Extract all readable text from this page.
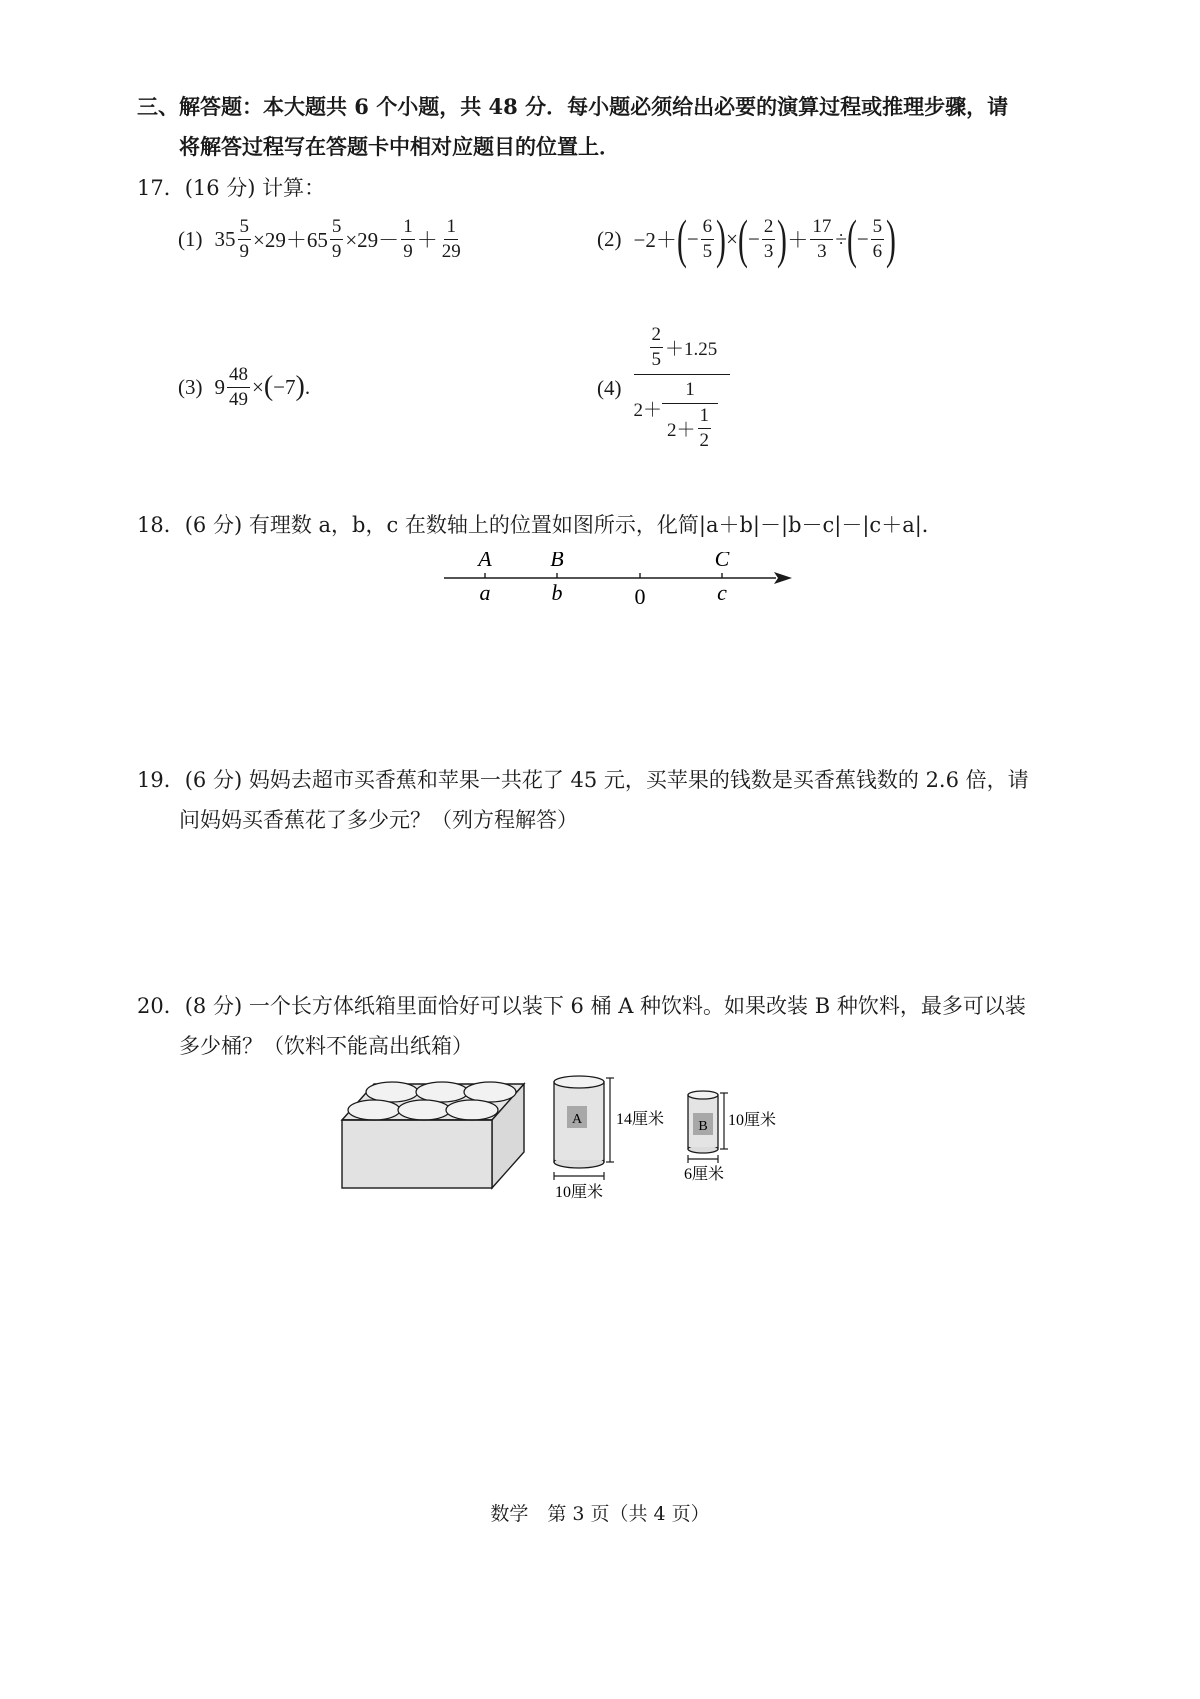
三、解答题：本大题共 6 个小题，共 48 分．每小题必须给出必要的演算过程或推理步骤，请
将解答过程写在答题卡中相对应题目的位置上．
17．(16 分) 计算：
(1) $35 \frac{5}{9} \times 29+65 \frac{5}{9} \times 29- \frac{1}{9} + \frac{1}{29}$	(2) −2＋ ( − $\frac{6}{5}$ ) × ( − $\frac{2}{3}$ ) ＋ $\frac{17}{3}$ ÷ ( − $\frac{5}{6}$ )
(3) $9 \frac{48}{49}$ × ( −7 ) .	(4)
$\frac{2}{5} +1.25$
2＋
1
$2+ \frac{1}{2}$
18．(6 分) 有理数 a，b，c 在数轴上的位置如图所示，化简|a＋b|－|b－c|－|c＋a|．
A	B	C
a	b	0	c
19．(6 分) 妈妈去超市买香蕉和苹果一共花了 45 元，买苹果的钱数是买香蕉钱数的 2.6 倍，请
问妈妈买香蕉花了多少元？（列方程解答）
20．(8 分) 一个长方体纸箱里面恰好可以装下 6 桶 A 种饮料。如果改装 B 种饮料，最多可以装
多少桶？（饮料不能高出纸箱）
A 14厘米
10厘米
B 10厘米
6厘米
数学　第 3 页（共 4 页）
